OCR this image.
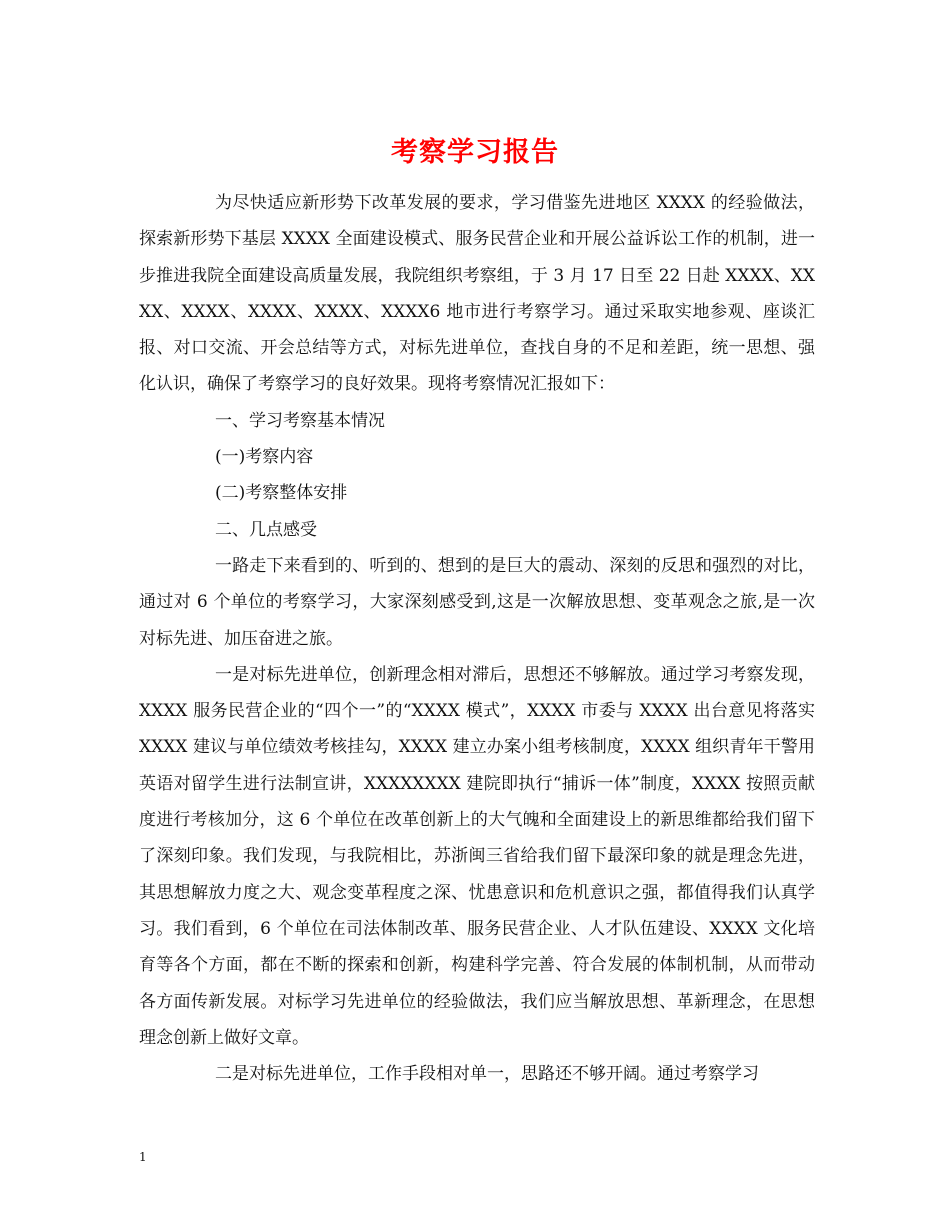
考察学习报告

为尽快适应新形势下改革发展的要求，学习借鉴先进地区 XXXX 的经验做法，探索新形势下基层 XXXX 全面建设模式、服务民营企业和开展公益诉讼工作的机制，进一步推进我院全面建设高质量发展，我院组织考察组，于 3 月 17 日至 22 日赴 XXXX、XXXX、XXXX、XXXX、XXXX、XXXX6 地市进行考察学习。通过采取实地参观、座谈汇报、对口交流、开会总结等方式，对标先进单位，查找自身的不足和差距，统一思想、强化认识，确保了考察学习的良好效果。现将考察情况汇报如下：

一、学习考察基本情况

(一)考察内容

(二)考察整体安排

二、几点感受

一路走下来看到的、听到的、想到的是巨大的震动、深刻的反思和强烈的对比，通过对 6 个单位的考察学习，大家深刻感受到,这是一次解放思想、变革观念之旅,是一次对标先进、加压奋进之旅。

一是对标先进单位，创新理念相对滞后，思想还不够解放。通过学习考察发现，XXXX 服务民营企业的“四个一”的“XXXX 模式”，XXXX 市委与 XXXX 出台意见将落实 XXXX 建议与单位绩效考核挂勾，XXXX 建立办案小组考核制度，XXXX 组织青年干警用英语对留学生进行法制宣讲，XXXXXXXX 建院即执行“捕诉一体”制度，XXXX 按照贡献度进行考核加分，这 6 个单位在改革创新上的大气魄和全面建设上的新思维都给我们留下了深刻印象。我们发现，与我院相比，苏浙闽三省给我们留下最深印象的就是理念先进，其思想解放力度之大、观念变革程度之深、忧患意识和危机意识之强，都值得我们认真学习。我们看到，6 个单位在司法体制改革、服务民营企业、人才队伍建设、XXXX 文化培育等各个方面，都在不断的探索和创新，构建科学完善、符合发展的体制机制，从而带动各方面传新发展。对标学习先进单位的经验做法，我们应当解放思想、革新理念，在思想理念创新上做好文章。

二是对标先进单位，工作手段相对单一，思路还不够开阔。通过考察学习

1
